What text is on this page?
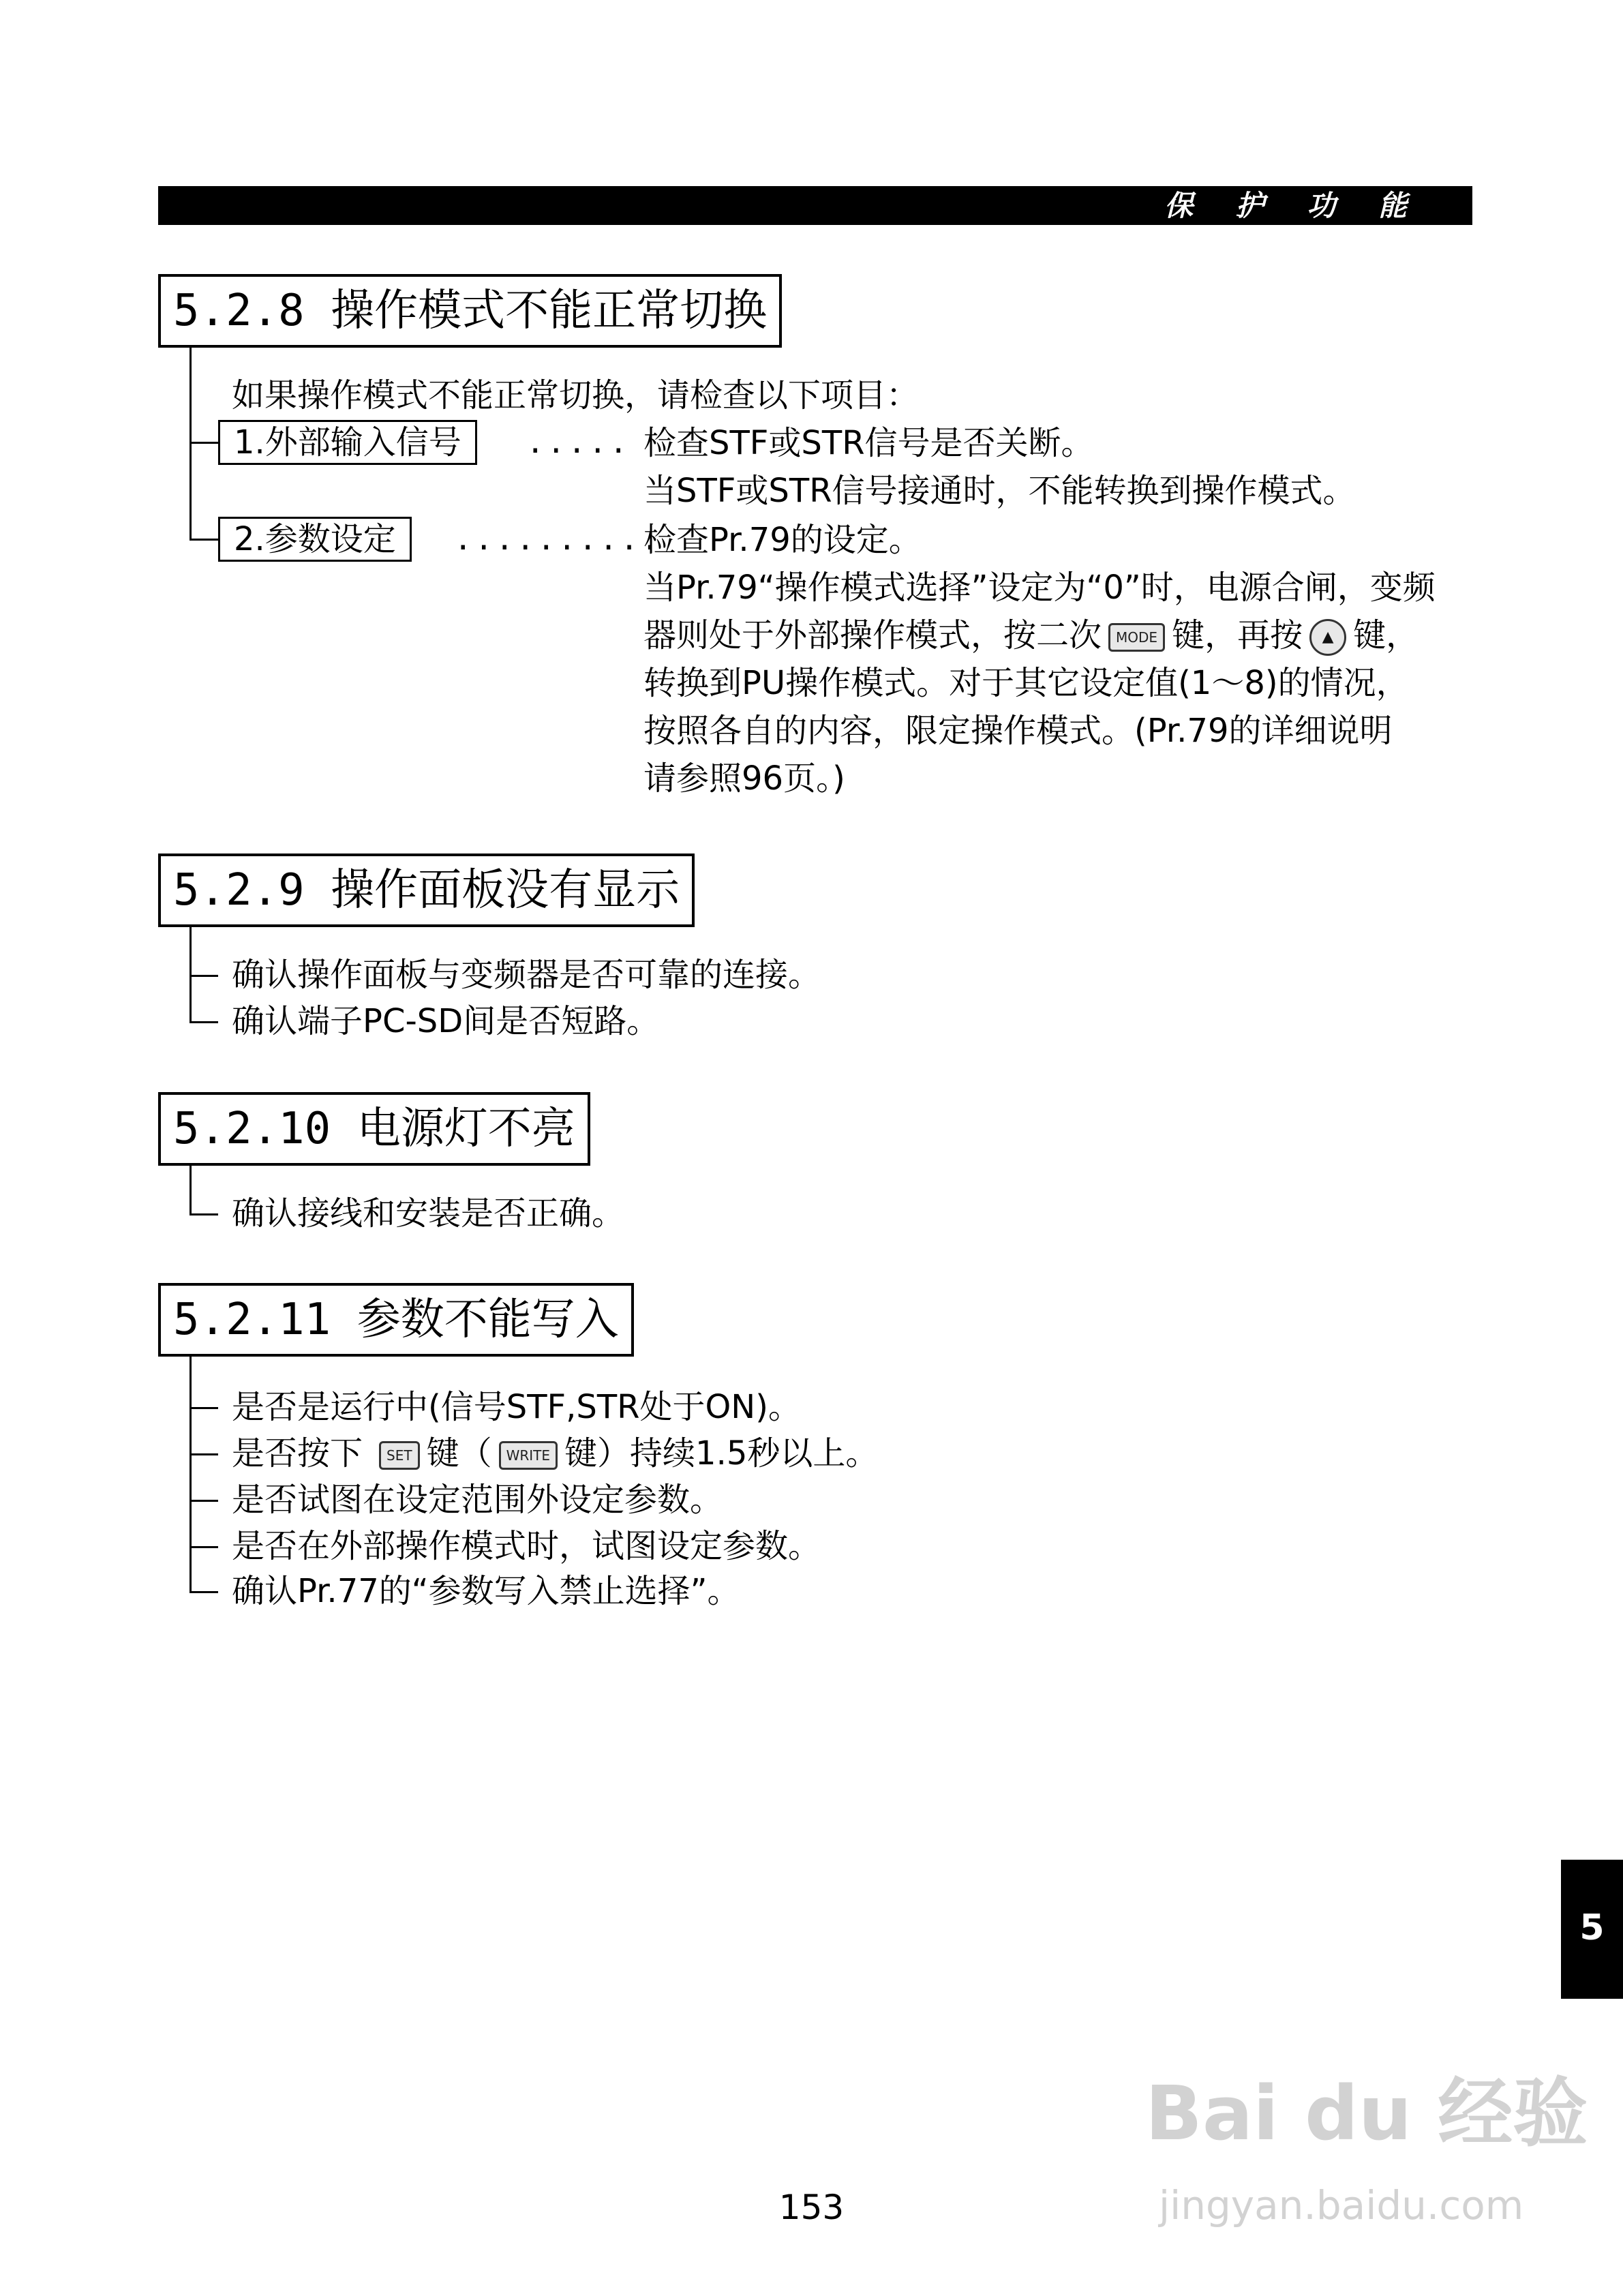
保 护 功 能
5.2.8 操作模式不能正常切换
如果操作模式不能正常切换，请检查以下项目：
1.外部输入信号	..... 检查STF或STR信号是否关断。
当STF或STR信号接通时，不能转换到操作模式。
2.参数设定	..........
检查Pr.79的设定。
当Pr.79“操作模式选择”设定为“0”时，电源合闸，变频
器则处于外部操作模式，按二次 MODE 键，再按 ▲ 键，
转换到PU操作模式。对于其它设定值(1～8)的情况，
按照各自的内容，限定操作模式。(Pr.79的详细说明
请参照96页。)
5.2.9 操作面板没有显示
确认操作面板与变频器是否可靠的连接。
确认端子PC-SD间是否短路。
5.2.10 电源灯不亮
确认接线和安装是否正确。
5.2.11 参数不能写入
是否是运行中(信号STF,STR处于ON)。
是否按下 SET 键（ WRITE 键）持续1.5秒以上。
是否试图在设定范围外设定参数。
是否在外部操作模式时，试图设定参数。
确认Pr.77的“参数写入禁止选择”。
5
Bai du 经验
jingyan.baidu.com
153
